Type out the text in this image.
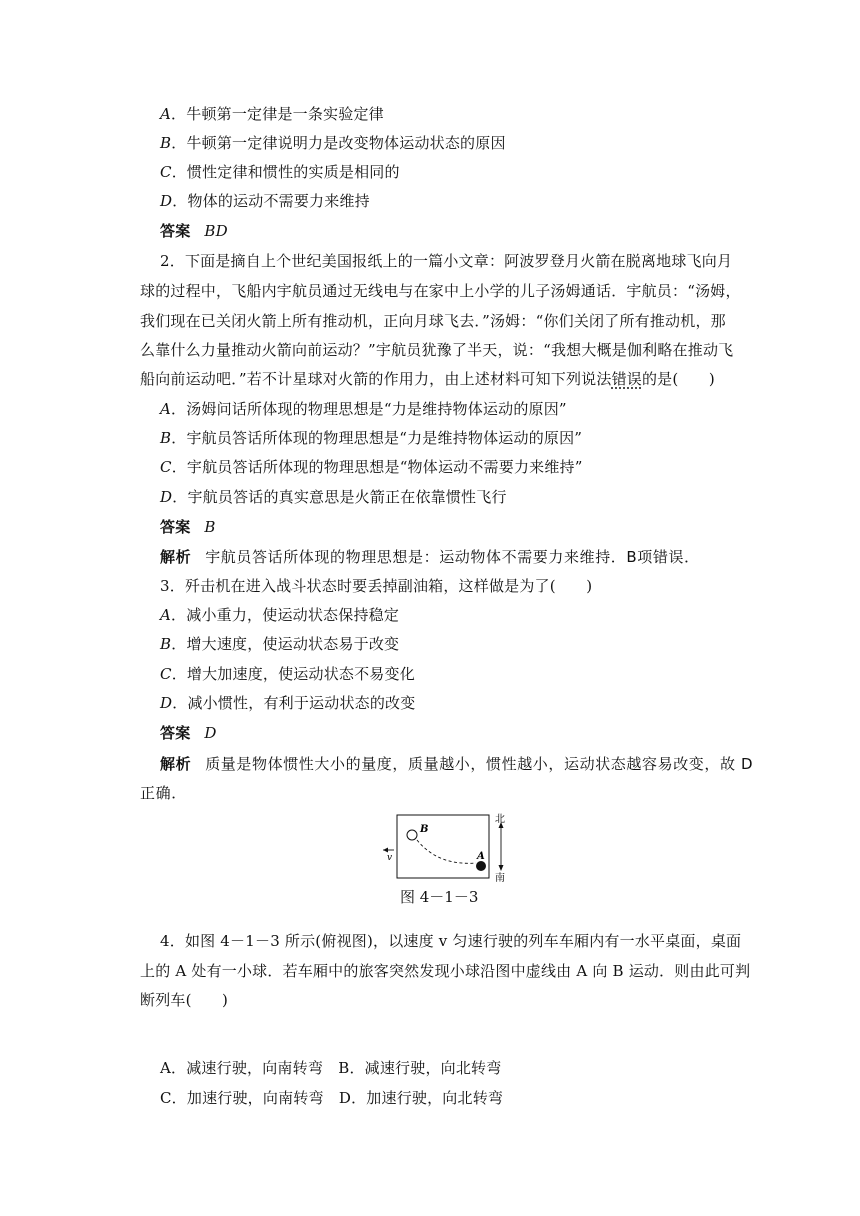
A．牛顿第一定律是一条实验定律
B．牛顿第一定律说明力是改变物体运动状态的原因
C．惯性定律和惯性的实质是相同的
D．物体的运动不需要力来维持
答案 BD
2．下面是摘自上个世纪美国报纸上的一篇小文章：阿波罗登月火箭在脱离地球飞向月
球的过程中，飞船内宇航员通过无线电与在家中上小学的儿子汤姆通话．宇航员：“汤姆，
我们现在已关闭火箭上所有推动机，正向月球飞去．”汤姆：“你们关闭了所有推动机，那
么靠什么力量推动火箭向前运动？”宇航员犹豫了半天，说：“我想大概是伽利略在推动飞
船向前运动吧．”若不计星球对火箭的作用力，由上述材料可知下列说法错误的是(　　)
A．汤姆问话所体现的物理思想是“力是维持物体运动的原因”
B．宇航员答话所体现的物理思想是“力是维持物体运动的原因”
C．宇航员答话所体现的物理思想是“物体运动不需要力来维持”
D．宇航员答话的真实意思是火箭正在依靠惯性飞行
答案 B
解析 宇航员答话所体现的物理思想是：运动物体不需要力来维持．B项错误．
3．歼击机在进入战斗状态时要丢掉副油箱，这样做是为了(　　)
A．减小重力，使运动状态保持稳定
B．增大速度，使运动状态易于改变
C．增大加速度，使运动状态不易变化
D．减小惯性，有利于运动状态的改变
答案 D
解析 质量是物体惯性大小的量度，质量越小，惯性越小，运动状态越容易改变，故 D
正确．
B
A
v
北
南
图 4－1－3
4．如图 4－1－3 所示(俯视图)，以速度 v 匀速行驶的列车车厢内有一水平桌面，桌面
上的 A 处有一小球．若车厢中的旅客突然发现小球沿图中虚线由 A 向 B 运动．则由此可判
断列车(　　)
A．减速行驶，向南转弯　B．减速行驶，向北转弯
C．加速行驶，向南转弯　D．加速行驶，向北转弯
